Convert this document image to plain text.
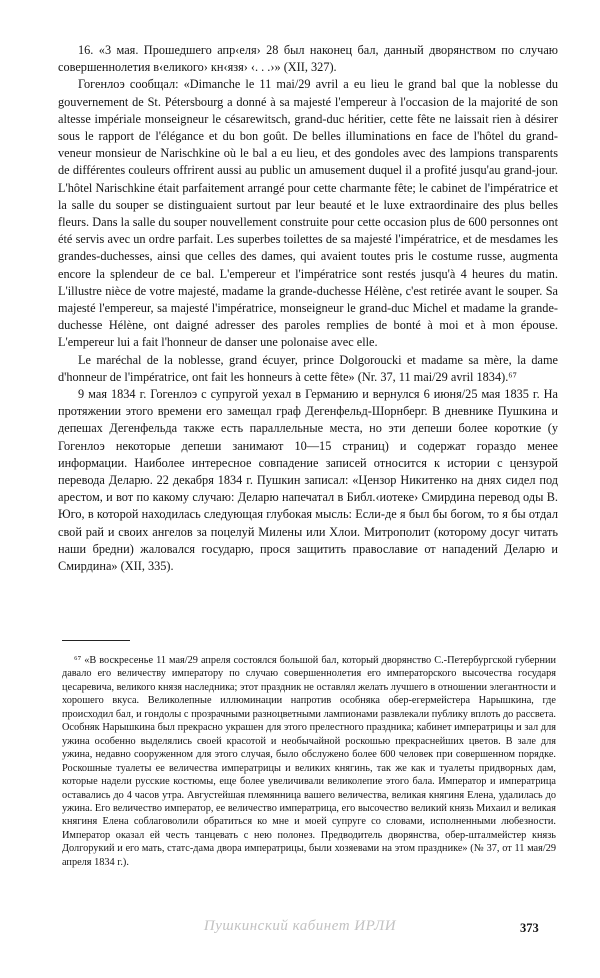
16. «3 мая. Прошедшего апр‹еля› 28 был наконец бал, данный дворянством по случаю совершеннолетия в‹еликого› кн‹язя› ‹. . .›» (XII, 327).

Гогенлоэ сообщал: «Dimanche le 11 mai/29 avril a eu lieu le grand bal que la noblesse du gouvernement de St. Pétersbourg a donné à sa majesté l'empereur à l'occasion de la majorité de son altesse impériale monseigneur le césarewitsch, grand-duc héritier, cette fête ne laissait rien à désirer sous le rapport de l'élégance et du bon goût. De belles illuminations en face de l'hôtel du grand-veneur monsieur de Narischkine où le bal a eu lieu, et des gondoles avec des lampions transparents de différentes couleurs offrirent aussi au public un amusement duquel il a profité jusqu'au grand-jour. L'hôtel Narischkine était parfaitement arrangé pour cette charmante fête; le cabinet de l'impératrice et la salle du souper se distinguaient surtout par leur beauté et le luxe extraordinaire des plus belles fleurs. Dans la salle du souper nouvellement construite pour cette occasion plus de 600 personnes ont été servis avec un ordre parfait. Les superbes toilettes de sa majesté l'impératrice, et de mesdames les grandes-duchesses, ainsi que celles des dames, qui avaient toutes pris le costume russe, augmenta encore la splendeur de ce bal. L'empereur et l'impératrice sont restés jusqu'à 4 heures du matin. L'illustre nièce de votre majesté, madame la grande-duchesse Hélène, c'est retirée avant le souper. Sa majesté l'empereur, sa majesté l'impératrice, monseigneur le grand-duc Michel et madame la grande-duchesse Hélène, ont daigné adresser des paroles remplies de bonté à moi et à mon épouse. L'empereur lui a fait l'honneur de danser une polonaise avec elle.

Le maréchal de la noblesse, grand écuyer, prince Dolgoroucki et madame sa mère, la dame d'honneur de l'impératrice, ont fait les honneurs à cette fête» (Nr. 37, 11 mai/29 avril 1834).⁶⁷

9 мая 1834 г. Гогенлоэ с супругой уехал в Германию и вернулся 6 июня/25 мая 1835 г. На протяжении этого времени его замещал граф Дегенфельд-Шорнберг. В дневнике Пушкина и депешах Дегенфельда также есть параллельные места, но эти депеши более короткие (у Гогенлоэ некоторые депеши занимают 10—15 страниц) и содержат гораздо менее информации. Наиболее интересное совпадение записей относится к истории с цензурой перевода Деларю. 22 декабря 1834 г. Пушкин записал: «Цензор Никитенко на днях сидел под арестом, и вот по какому случаю: Деларю напечатал в Библ.‹иотеке› Смирдина перевод оды В. Юго, в которой находилась следующая глубокая мысль: Если-де я был бы богом, то я бы отдал свой рай и своих ангелов за поцелуй Милены или Хлои. Митрополит (которому досуг читать наши бредни) жаловался государю, прося защитить православие от нападений Деларю и Смирдина» (XII, 335).

⁶⁷ «В воскресенье 11 мая/29 апреля состоялся большой бал, который дворянство С.-Петербургской губернии давало его величеству императору по случаю совершеннолетия его императорского высочества государя цесаревича, великого князя наследника; этот праздник не оставлял желать лучшего в отношении элегантности и хорошего вкуса. Великолепные иллюминации напротив особняка обер-егермейстера Нарышкина, где происходил бал, и гондолы с прозрачными разноцветными лампионами развлекали публику вплоть до рассвета. Особняк Нарышкина был прекрасно украшен для этого прелестного праздника; кабинет императрицы и зал для ужина особенно выделялись своей красотой и необычайной роскошью прекраснейших цветов. В зале для ужина, недавно сооруженном для этого случая, было обслужено более 600 человек при совершенном порядке. Роскошные туалеты ее величества императрицы и великих княгинь, так же как и туалеты придворных дам, которые надели русские костюмы, еще более увеличивали великолепие этого бала. Император и императрица оставались до 4 часов утра. Августейшая племянница вашего величества, великая княгиня Елена, удалилась до ужина. Его величество император, ее величество императрица, его высочество великий князь Михаил и великая княгиня Елена соблаговолили обратиться ко мне и моей супруге со словами, исполненными любезности. Император оказал ей честь танцевать с нею полонез. Предводитель дворянства, обер-шталмейстер князь Долгорукий и его мать, статс-дама двора императрицы, были хозяевами на этом празднике» (№ 37, от 11 мая/29 апреля 1834 г.).

Пушкинский кабинет ИРЛИ	373
